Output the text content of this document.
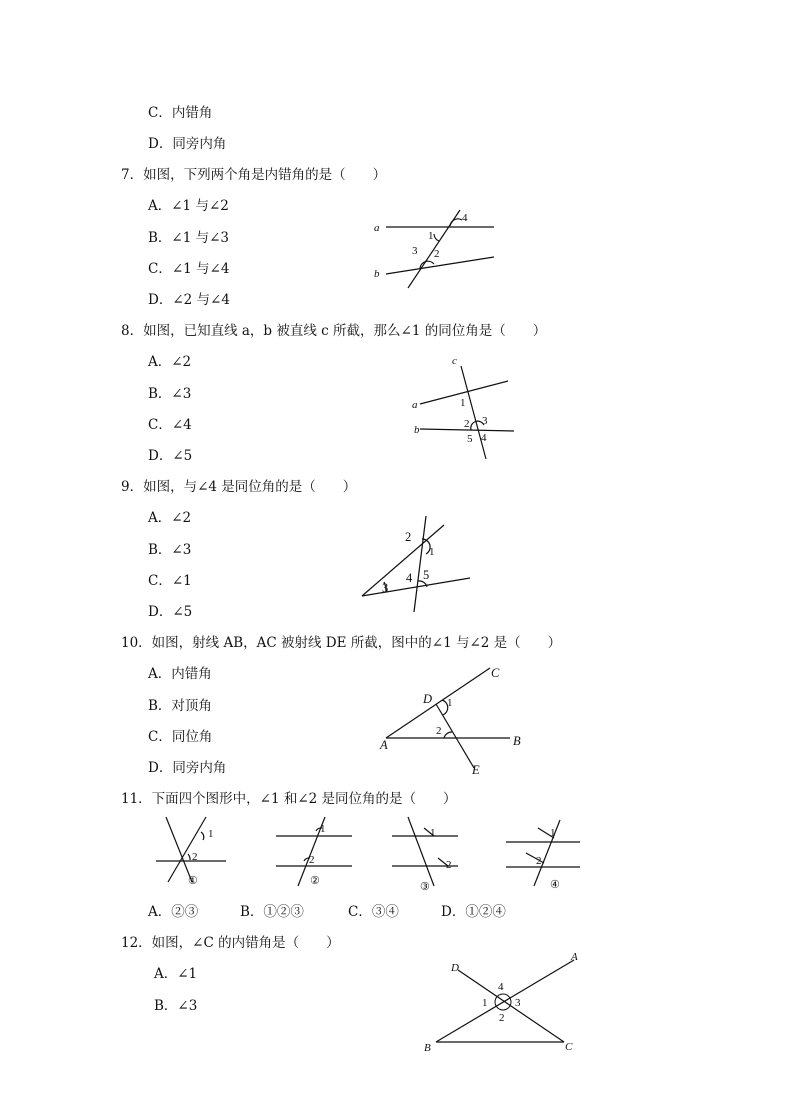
C．内错角
D．同旁内角
7．如图，下列两个角是内错角的是（　　）
A．∠1 与∠2
B．∠1 与∠3
C．∠1 与∠4
D．∠2 与∠4
a
b
1
2
3
4
8．如图，已知直线 a，b 被直线 c 所截，那么∠1 的同位角是（　　）
A．∠2
B．∠3
C．∠4
D．∠5
c
a
b
1
2 3
5 4
9．如图，与∠4 是同位角的是（　　）
A．∠2
B．∠3
C．∠1
D．∠5
2
1
3
4 5
10．如图，射线 AB，AC 被射线 DE 所截，图中的∠1 与∠2 是（　　）
A．内错角
B．对顶角
C．同位角
D．同旁内角
D
C
A	B
E
1
2
11．下面四个图形中，∠1 和∠2 是同位角的是（　　）
1
2
①
1
2
②
1
2
③
1
2
④
A．②③	B．①②③	C．③④	D．①②④
12．如图，∠C 的内错角是（　　）
A．∠1
B．∠3
D
A
B	C
4
1	3
2
